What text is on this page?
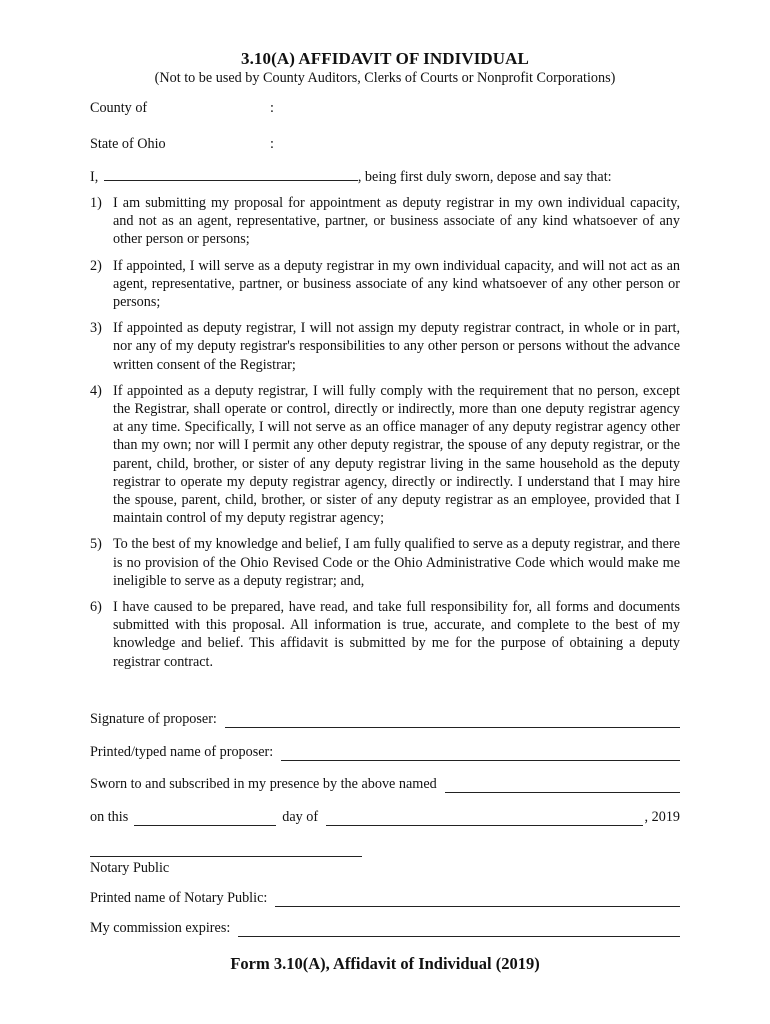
3.10(A) AFFIDAVIT OF INDIVIDUAL
(Not to be used by County Auditors, Clerks of Courts or Nonprofit Corporations)
County of	:
State of Ohio	:
I,	, being first duly sworn, depose and say that:
1) I am submitting my proposal for appointment as deputy registrar in my own individual capacity, and not as an agent, representative, partner, or business associate of any kind whatsoever of any other person or persons;
2) If appointed, I will serve as a deputy registrar in my own individual capacity, and will not act as an agent, representative, partner, or business associate of any kind whatsoever of any other person or persons;
3) If appointed as deputy registrar, I will not assign my deputy registrar contract, in whole or in part, nor any of my deputy registrar's responsibilities to any other person or persons without the advance written consent of the Registrar;
4) If appointed as a deputy registrar, I will fully comply with the requirement that no person, except the Registrar, shall operate or control, directly or indirectly, more than one deputy registrar agency at any time. Specifically, I will not serve as an office manager of any deputy registrar agency other than my own; nor will I permit any other deputy registrar, the spouse of any deputy registrar, or the parent, child, brother, or sister of any deputy registrar living in the same household as the deputy registrar to operate my deputy registrar agency, directly or indirectly. I understand that I may hire the spouse, parent, child, brother, or sister of any deputy registrar as an employee, provided that I maintain control of my deputy registrar agency;
5) To the best of my knowledge and belief, I am fully qualified to serve as a deputy registrar, and there is no provision of the Ohio Revised Code or the Ohio Administrative Code which would make me ineligible to serve as a deputy registrar; and,
6) I have caused to be prepared, have read, and take full responsibility for, all forms and documents submitted with this proposal. All information is true, accurate, and complete to the best of my knowledge and belief. This affidavit is submitted by me for the purpose of obtaining a deputy registrar contract.
Signature of proposer:
Printed/typed name of proposer:
Sworn to and subscribed in my presence by the above named
on this	day of	, 2019
Notary Public
Printed name of Notary Public:
My commission expires:
Form 3.10(A), Affidavit of Individual (2019)
